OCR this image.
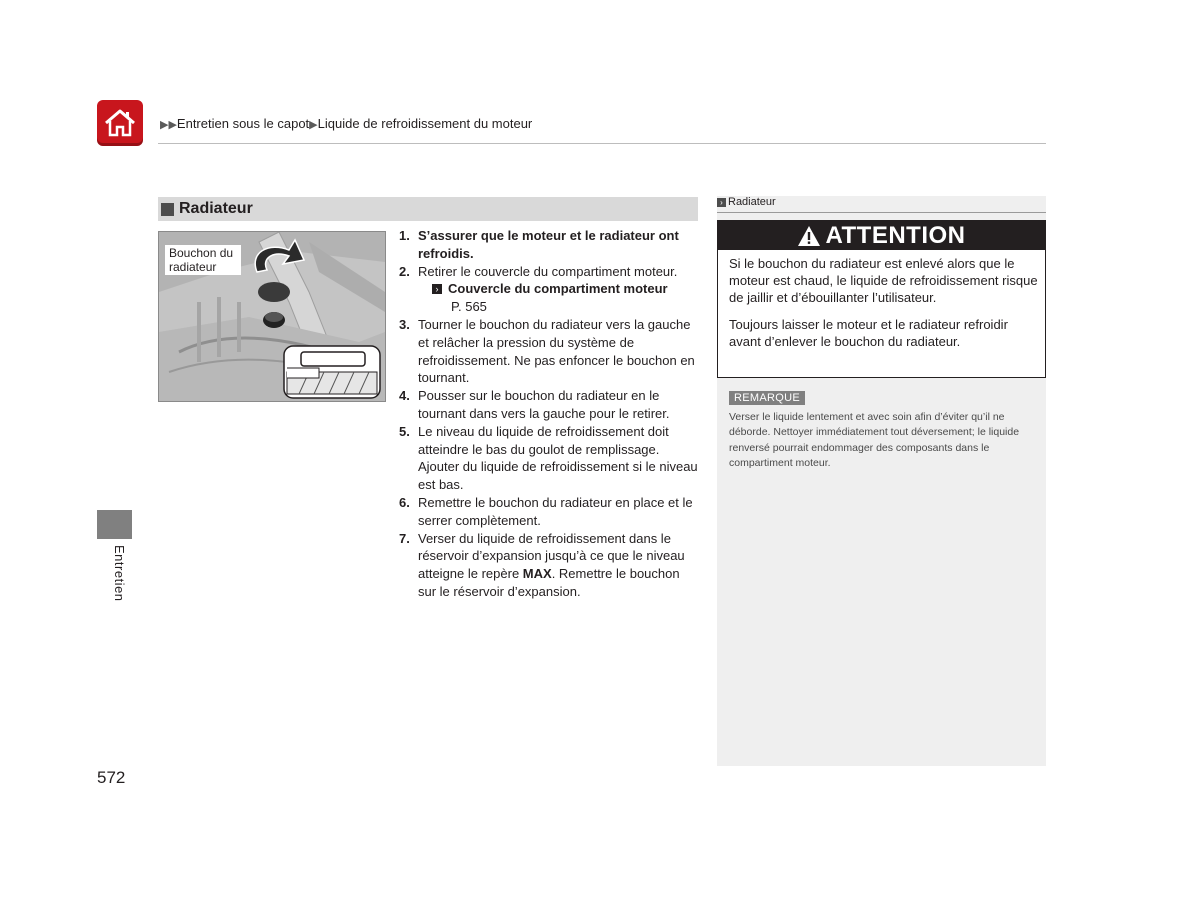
▶▶Entretien sous le capot▶Liquide de refroidissement du moteur
Entretien
572
Radiateur
Bouchon du radiateur
1. S’assurer que le moteur et le radiateur ont refroidis.
2. Retirer le couvercle du compartiment moteur.
› Couvercle du compartiment moteur
P. 565
3. Tourner le bouchon du radiateur vers la gauche et relâcher la pression du système de refroidissement. Ne pas enfoncer le bouchon en tournant.
4. Pousser sur le bouchon du radiateur en le tournant dans vers la gauche pour le retirer.
5. Le niveau du liquide de refroidissement doit atteindre le bas du goulot de remplissage. Ajouter du liquide de refroidissement si le niveau est bas.
6. Remettre le bouchon du radiateur en place et le serrer complètement.
7. Verser du liquide de refroidissement dans le réservoir d’expansion jusqu’à ce que le niveau atteigne le repère MAX. Remettre le bouchon sur le réservoir d’expansion.
› Radiateur
ATTENTION

Si le bouchon du radiateur est enlevé alors que le moteur est chaud, le liquide de refroidissement risque de jaillir et d’ébouillanter l’utilisateur.

Toujours laisser le moteur et le radiateur refroidir avant d’enlever le bouchon du radiateur.

REMARQUE
Verser le liquide lentement et avec soin afin d’éviter qu’il ne déborde. Nettoyer immédiatement tout déversement; le liquide renversé pourrait endommager des composants dans le compartiment moteur.
